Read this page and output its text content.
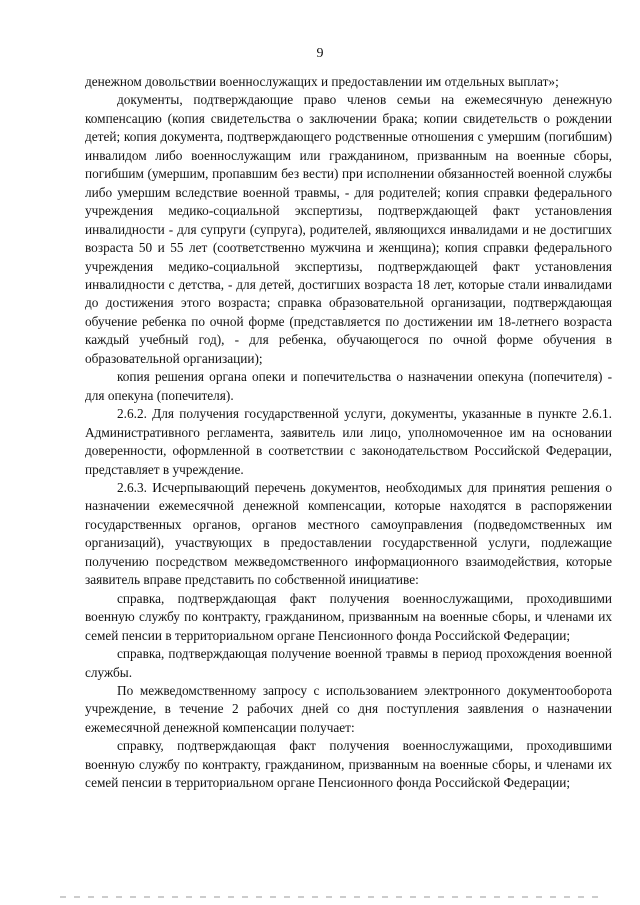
9

денежном довольствии военнослужащих и предоставлении им отдельных выплат»;

документы, подтверждающие право членов семьи на ежемесячную денежную компенсацию (копия свидетельства о заключении брака; копии свидетельств о рождении детей; копия документа, подтверждающего родственные отношения с умершим (погибшим) инвалидом либо военнослужащим или гражданином, призванным на военные сборы, погибшим (умершим, пропавшим без вести) при исполнении обязанностей военной службы либо умершим вследствие военной травмы, - для родителей; копия справки федерального учреждения медико-социальной экспертизы, подтверждающей факт установления инвалидности - для супруги (супруга), родителей, являющихся инвалидами и не достигших возраста 50 и 55 лет (соответственно мужчина и женщина); копия справки федерального учреждения медико-социальной экспертизы, подтверждающей факт установления инвалидности с детства, - для детей, достигших возраста 18 лет, которые стали инвалидами до достижения этого возраста; справка образовательной организации, подтверждающая обучение ребенка по очной форме (представляется по достижении им 18-летнего возраста каждый учебный год), - для ребенка, обучающегося по очной форме обучения в образовательной организации);

копия решения органа опеки и попечительства о назначении опекуна (попечителя) - для опекуна (попечителя).

2.6.2. Для получения государственной услуги, документы, указанные в пункте 2.6.1. Административного регламента, заявитель или лицо, уполномоченное им на основании доверенности, оформленной в соответствии с законодательством Российской Федерации, представляет в учреждение.

2.6.3. Исчерпывающий перечень документов, необходимых для принятия решения о назначении ежемесячной денежной компенсации, которые находятся в распоряжении государственных органов, органов местного самоуправления (подведомственных им организаций), участвующих в предоставлении государственной услуги, подлежащие получению посредством межведомственного информационного взаимодействия, которые заявитель вправе представить по собственной инициативе:

справка, подтверждающая факт получения военнослужащими, проходившими военную службу по контракту, гражданином, призванным на военные сборы, и членами их семей пенсии в территориальном органе Пенсионного фонда Российской Федерации;

справка, подтверждающая получение военной травмы в период прохождения военной службы.

По межведомственному запросу с использованием электронного документооборота учреждение, в течение 2 рабочих дней со дня поступления заявления о назначении ежемесячной денежной компенсации получает:

справку, подтверждающая факт получения военнослужащими, проходившими военную службу по контракту, гражданином, призванным на военные сборы, и членами их семей пенсии в территориальном органе Пенсионного фонда Российской Федерации;
